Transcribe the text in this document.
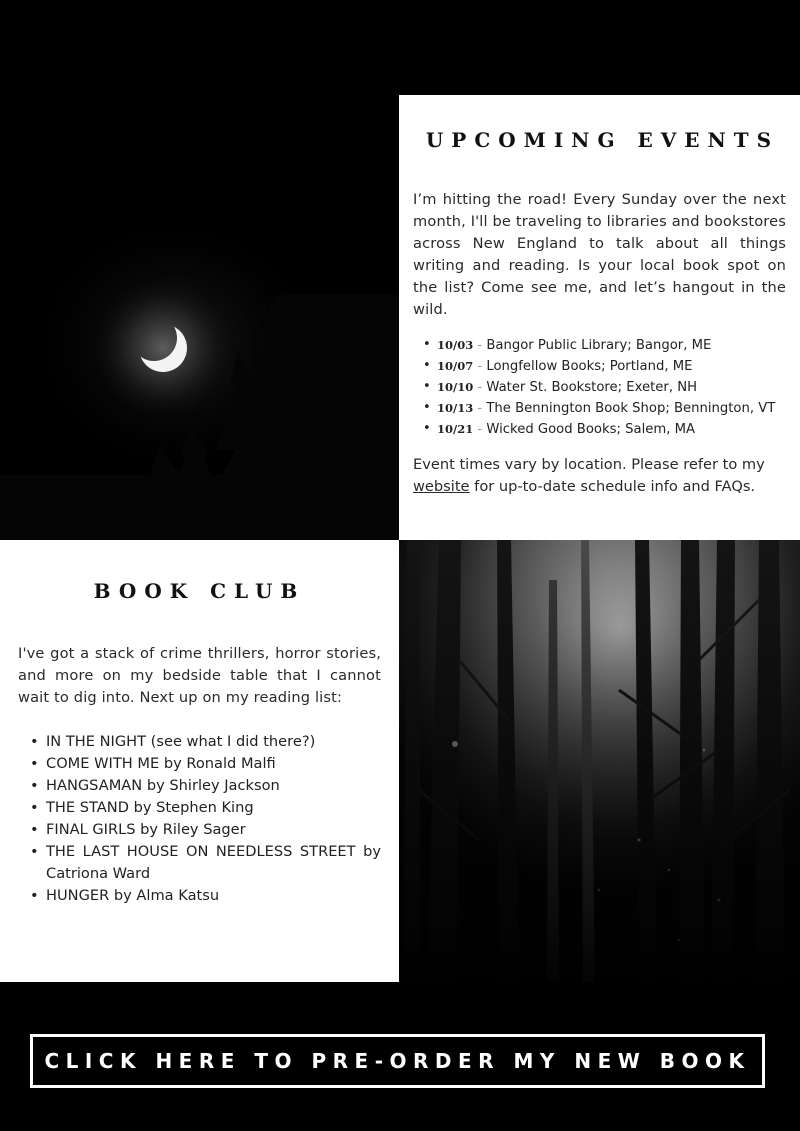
UPCOMING EVENTS

I’m hitting the road! Every Sunday over the next month, I'll be traveling to libraries and bookstores across New England to talk about all things writing and reading. Is your local book spot on the list? Come see me, and let’s hangout in the wild.

• 10/03 - Bangor Public Library; Bangor, ME
• 10/07 - Longfellow Books; Portland, ME
• 10/10 - Water St. Bookstore; Exeter, NH
• 10/13 - The Bennington Book Shop; Bennington, VT
• 10/21 - Wicked Good Books; Salem, MA

Event times vary by location. Please refer to my website for up-to-date schedule info and FAQs.

BOOK CLUB

I've got a stack of crime thrillers, horror stories, and more on my bedside table that I cannot wait to dig into. Next up on my reading list:

• IN THE NIGHT (see what I did there?)
• COME WITH ME by Ronald Malfi
• HANGSAMAN by Shirley Jackson
• THE STAND by Stephen King
• FINAL GIRLS by Riley Sager
• THE LAST HOUSE ON NEEDLESS STREET by Catriona Ward
• HUNGER by Alma Katsu
CLICK HERE TO PRE-ORDER MY NEW BOOK
